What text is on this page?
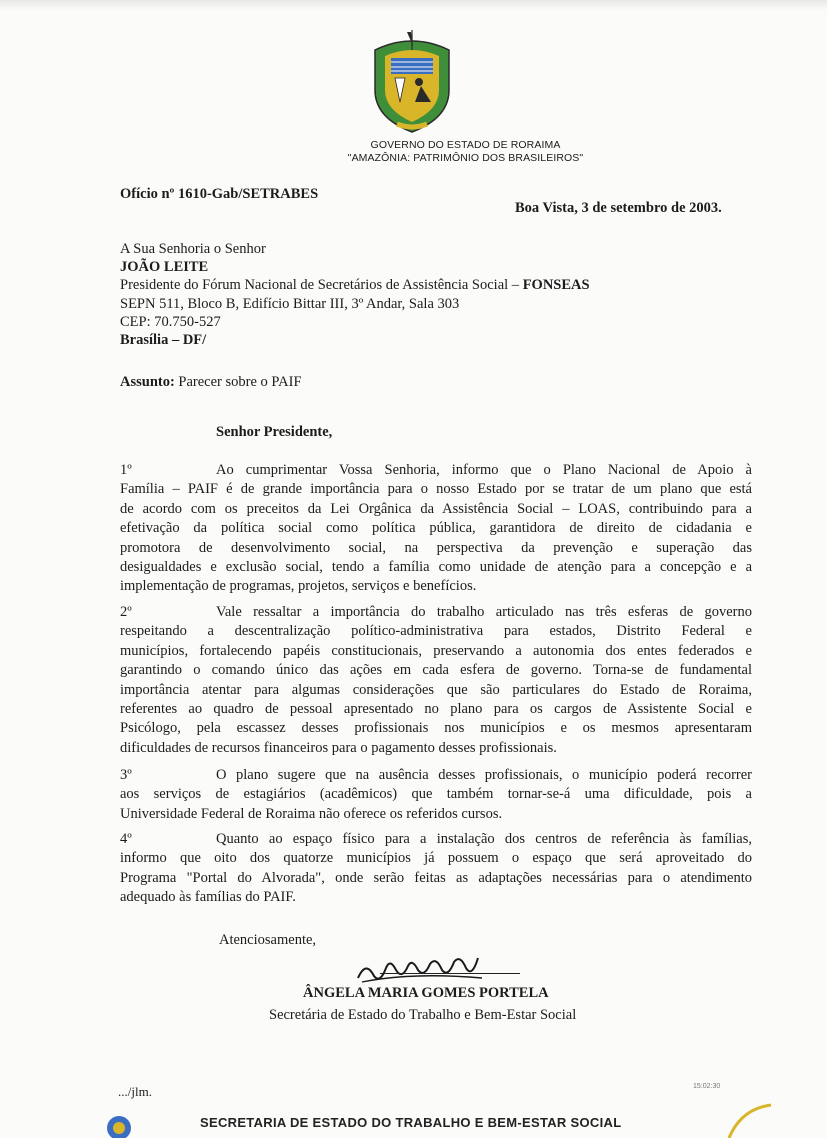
GOVERNO DO ESTADO DE RORAIMA
"AMAZÔNIA: PATRIMÔNIO DOS BRASILEIROS"
Ofício nº 1610-Gab/SETRABES
Boa Vista, 3 de setembro de 2003.
A Sua Senhoria o Senhor
JOÃO LEITE
Presidente do Fórum Nacional de Secretários de Assistência Social – FONSEAS
SEPN 511, Bloco B, Edifício Bittar III, 3º Andar, Sala 303
CEP: 70.750-527
Brasília – DF/
Assunto: Parecer sobre o PAIF
Senhor Presidente,

1º	Ao cumprimentar Vossa Senhoria, informo que o Plano Nacional de Apoio à

Família – PAIF é de grande importância para o nosso Estado por se tratar de um plano que está

de acordo com os preceitos da Lei Orgânica da Assistência Social – LOAS, contribuindo para a

efetivação da política social como política pública, garantidora de direito de cidadania e

promotora de desenvolvimento social, na perspectiva da prevenção e superação das

desigualdades e exclusão social, tendo a família como unidade de atenção para a concepção e a

implementação de programas, projetos, serviços e benefícios.

2º	Vale ressaltar a importância do trabalho articulado nas três esferas de governo

respeitando a descentralização político-administrativa para estados, Distrito Federal e

municípios, fortalecendo papéis constitucionais, preservando a autonomia dos entes federados e

garantindo o comando único das ações em cada esfera de governo. Torna-se de fundamental

importância atentar para algumas considerações que são particulares do Estado de Roraima,

referentes ao quadro de pessoal apresentado no plano para os cargos de Assistente Social e

Psicólogo, pela escassez desses profissionais nos municípios e os mesmos apresentaram

dificuldades de recursos financeiros para o pagamento desses profissionais.

3º	O plano sugere que na ausência desses profissionais, o município poderá recorrer

aos serviços de estagiários (acadêmicos) que também tornar-se-á uma dificuldade, pois a

Universidade Federal de Roraima não oferece os referidos cursos.

4º	Quanto ao espaço físico para a instalação dos centros de referência às famílias,

informo que oito dos quatorze municípios já possuem o espaço que será aproveitado do

Programa "Portal do Alvorada", onde serão feitas as adaptações necessárias para o atendimento

adequado às famílias do PAIF.

Atenciosamente,
ÂNGELA MARIA GOMES PORTELA
Secretária de Estado do Trabalho e Bem-Estar Social
.../jlm.	15:02:30
SECRETARIA DE ESTADO DO TRABALHO E BEM-ESTAR SOCIAL
